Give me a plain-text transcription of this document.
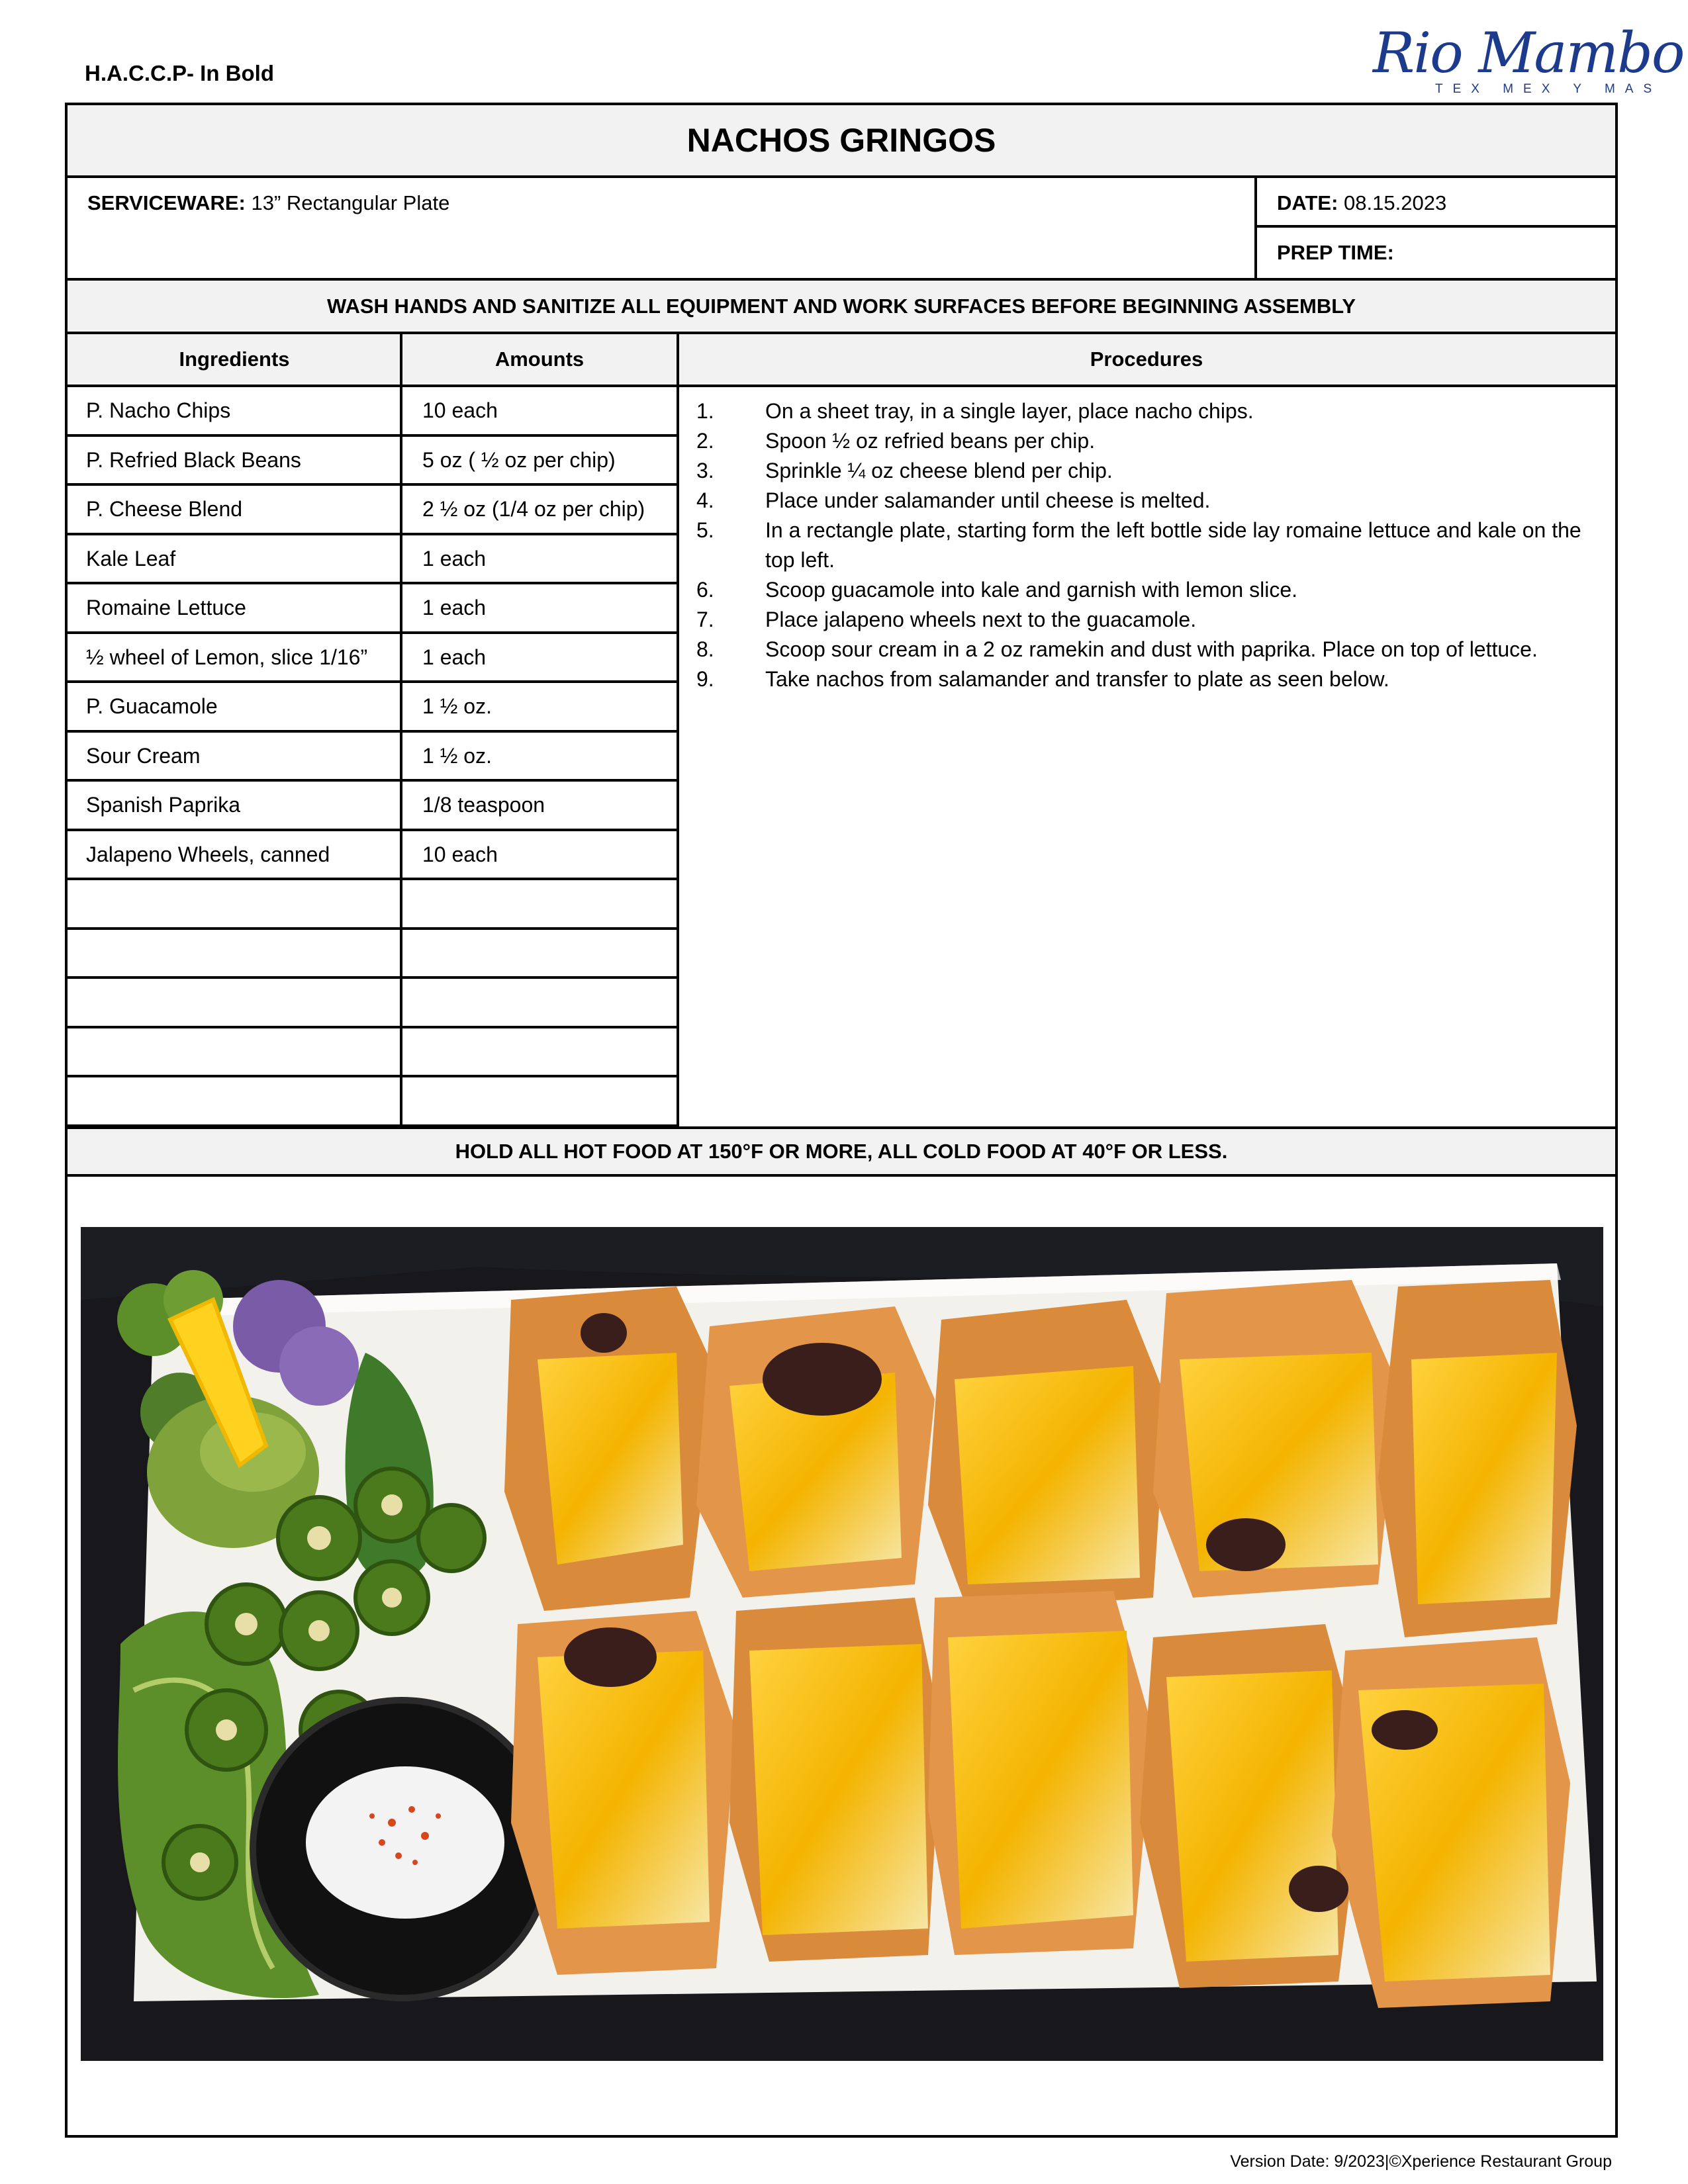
H.A.C.C.P- In Bold	Rio Mambo
TEX MEX Y MAS
NACHOS GRINGOS
SERVICEWARE: 13” Rectangular Plate	DATE: 08.15.2023
PREP TIME:
WASH HANDS AND SANITIZE ALL EQUIPMENT AND WORK SURFACES BEFORE BEGINNING ASSEMBLY
Ingredients	Amounts	Procedures
P. Nacho Chips	10 each
P. Refried Black Beans	5 oz ( ½ oz per chip)
P. Cheese Blend	2 ½ oz (1/4 oz per chip)
Kale Leaf	1 each
Romaine Lettuce	1 each
½ wheel of Lemon, slice 1/16”	1 each
P. Guacamole	1 ½ oz.
Sour Cream	1 ½ oz.
Spanish Paprika	1/8 teaspoon
Jalapeno Wheels, canned	10 each
1. On a sheet tray, in a single layer, place nacho chips.
2. Spoon ½ oz refried beans per chip.
3. Sprinkle ¼ oz cheese blend per chip.
4. Place under salamander until cheese is melted.
5. In a rectangle plate, starting form the left bottle side lay romaine lettuce and kale on the top left.
6. Scoop guacamole into kale and garnish with lemon slice.
7. Place jalapeno wheels next to the guacamole.
8. Scoop sour cream in a 2 oz ramekin and dust with paprika. Place on top of lettuce.
9. Take nachos from salamander and transfer to plate as seen below.
HOLD ALL HOT FOOD AT 150°F OR MORE, ALL COLD FOOD AT 40°F OR LESS.
Version Date: 9/2023|©Xperience Restaurant Group
